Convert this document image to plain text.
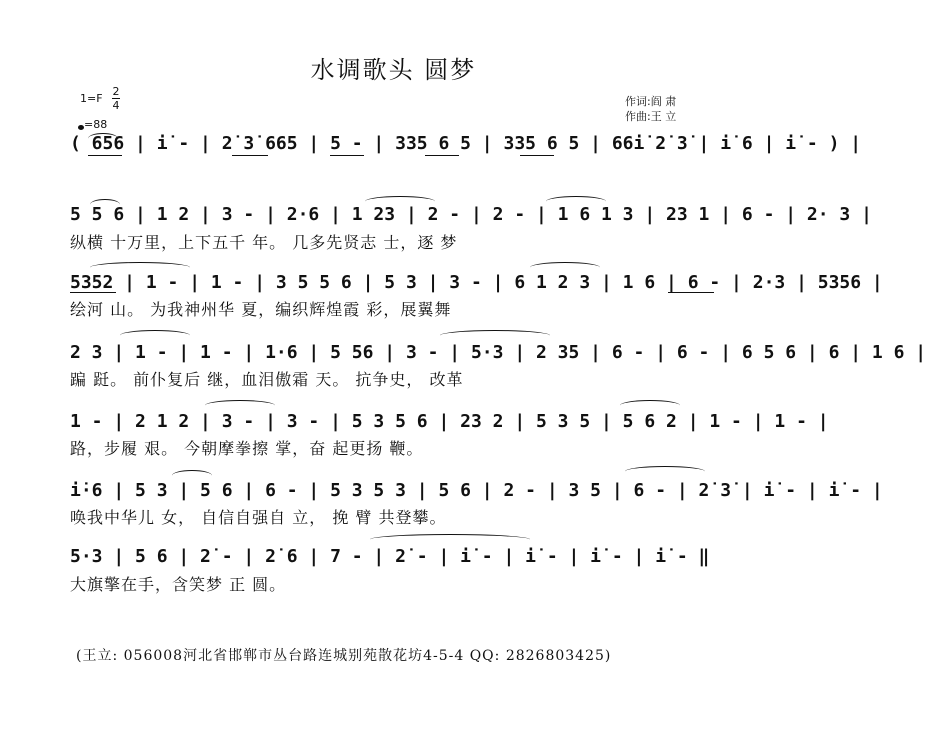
水调歌头 圆梦
作词:阎 肃
作曲:王 立
1=F
2
4
=88
( 656 | i̇ - | 2̇ 3̇ 665 | 5 - | 335 6 5 | 335 6 5 | 66i̇ 2̇ 3̇ | i̇ 6 | i̇ - ) |
5 5 6 | 1 2 | 3 - | 2·6 | 1 23 | 2 - | 2 - | 1 6 1 3 | 23 1 | 6 - | 2· 3 |
纵横 十万里，上下五千 年。 几多先贤志 士，逐 梦
5352 | 1 - | 1 - | 3 5 5 6 | 5 3 | 3 - | 6 1 2 3 | 1 6 | 6 - | 2·3 | 5356 |
绘河 山。 为我神州华 夏，编织辉煌霞 彩，展翼舞
2 3 | 1 - | 1 - | 1·6 | 5 56 | 3 - | 5·3 | 2 35 | 6 - | 6 - | 6 5 6 | 6 | 1 6 |
蹁 跹。 前仆复后 继，血泪傲霜 天。 抗争史， 改革
1 - | 2 1 2 | 3 - | 3 - | 5 3 5 6 | 23 2 | 5 3 5 | 5 6 2 | 1 - | 1 - |
路，步履 艰。 今朝摩拳擦 掌，奋 起更扬 鞭。
i̇·6 | 5 3 | 5 6 | 6 - | 5 3 5 3 | 5 6 | 2 - | 3 5 | 6 - | 2̇ 3̇ | i̇ - | i̇ - |
唤我中华儿 女， 自信自强自 立， 挽 臂 共登攀。
5·3 | 5 6 | 2̇ - | 2̇ 6 | 7 - | 2̇ - | i̇ - | i̇ - | i̇ - | i̇ - ‖
大旗擎在手，含笑梦 正 圆。
(王立: 056008河北省邯郸市丛台路连城别苑散花坊4-5-4 QQ: 2826803425)
